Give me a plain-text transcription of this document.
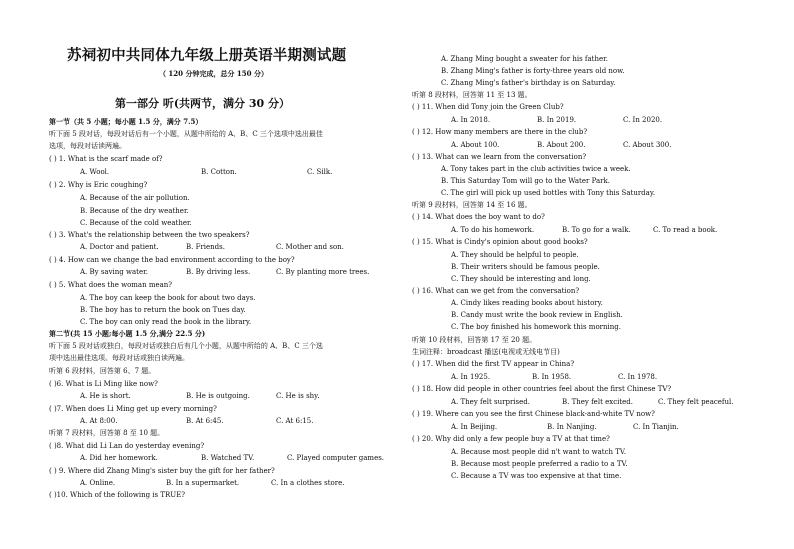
苏祠初中共同体九年级上册英语半期测试题
（ 120 分钟完成，总分 150 分）
第一部分 听(共两节，满分 30 分）
第一节（共 5 小题；每小题 1.5 分，满分 7.5）
听下面 5 段对话，每段对话后有一个小题，从题中所给的 A、B、C 三个选项中选出最佳
选项，每段对话读两遍。
( ) 1. What is the scarf made of?
A. Wool.	B. Cotton.	C. Silk.
( ) 2. Why is Eric coughing?
A. Because of the air pollution.
B. Because of the dry weather.
C. Because of the cold weather.
( ) 3. What's the relationship between the two speakers?
A. Doctor and patient.	B. Friends.	C. Mother and son.
( ) 4. How can we change the bad environment according to the boy?
A. By saving water.	B. By driving less.	C. By planting more trees.
( ) 5. What does the woman mean?
A. The boy can keep the book for about two days.
B. The boy has to return the book on Tues day.
C. The boy can only read the book in the library.
第二节(共 15 小题;每小题 1.5 分,满分 22.5 分)
听下面 5 段对话或独白，每段对话或独白后有几个小题，从题中所给的 A、B、C 三个选
项中选出最佳选项。每段对话或独白读两遍。
听第 6 段材料，回答第 6、7 题。
( )6. What is Li Ming like now?
A. He is short.	B. He is outgoing.	C. He is shy.
( )7. When does Li Ming get up every morning?
A. At 8:00.	B. At 6:45.	C. At 6:15.
听第 7 段材料，回答第 8 至 10 题。
( )8. What did Li Lan do yesterday evening?
A. Did her homework.	B. Watched TV.	C. Played computer games.
( ) 9. Where did Zhang Ming's sister buy the gift for her father?
A. Online.	B. In a supermarket.	C. In a clothes store.
( )10. Which of the following is TRUE?
A. Zhang Ming bought a sweater for his father.
B. Zhang Ming's father is forty-three years old now.
C. Zhang Ming's father's birthday is on Saturday.
听第 8 段材料，回答第 11 至 13 题。
( ) 11. When did Tony join the Green Club?
A. In 2018.	B. In 2019.	C. In 2020.
( ) 12. How many members are there in the club?
A. About 100.	B. About 200.	C. About 300.
( ) 13. What can we learn from the conversation?
A. Tony takes part in the club activities twice a week.
B. This Saturday Tom will go to the Water Park.
C. The girl will pick up used bottles with Tony this Saturday.
听第 9 段材料，回答第 14 至 16 题。
( ) 14. What does the boy want to do?
A. To do his homework.	B. To go for a walk.	C. To read a book.
( ) 15. What is Cindy's opinion about good books?
A. They should be helpful to people.
B. Their writers should be famous people.
C. They should be interesting and long.
( ) 16. What can we get from the conversation?
A. Cindy likes reading books about history.
B. Candy must write the book review in English.
C. The boy finished his homework this morning.
听第 10 段材料，回答第 17 至 20 题。
生词注释：broadcast 播送(电视或无线电节目)
( ) 17. When did the first TV appear in China?
A. In 1925.	B. In 1958.	C. In 1978.
( ) 18. How did people in other countries feel about the first Chinese TV?
A. They felt surprised.	B. They felt excited.	C. They felt peaceful.
( ) 19. Where can you see the first Chinese black-and-white TV now?
A. In Beijing.	B. In Nanjing.	C. In Tianjin.
( ) 20. Why did only a few people buy a TV at that time?
A. Because most people did n't want to watch TV.
B. Because most people preferred a radio to a TV.
C. Because a TV was too expensive at that time.
